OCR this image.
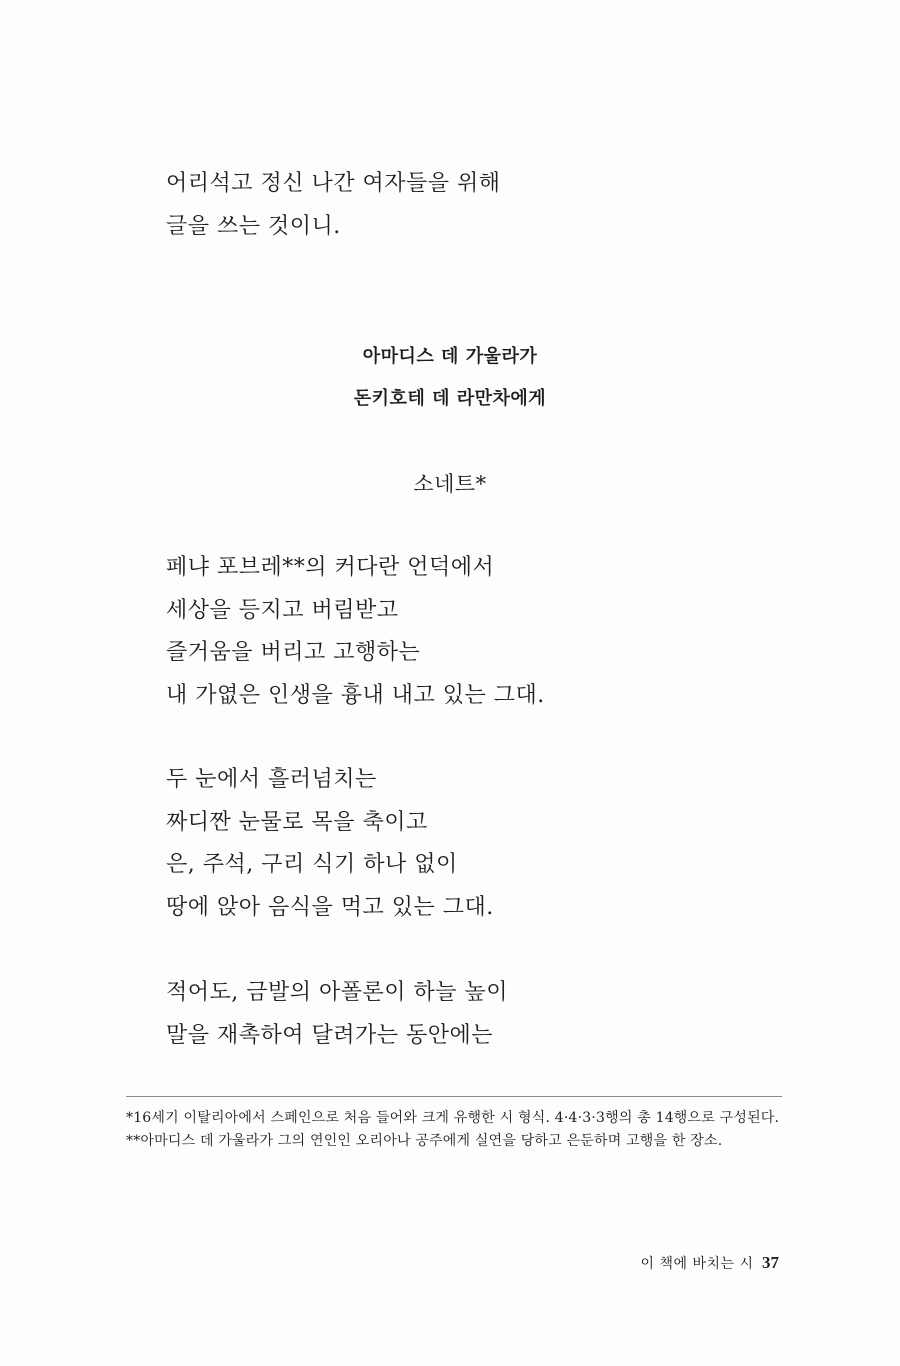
어리석고 정신 나간 여자들을 위해
글을 쓰는 것이니.
아마디스 데 가울라가
돈키호테 데 라만차에게
소네트*
페냐 포브레**의 커다란 언덕에서
세상을 등지고 버림받고
즐거움을 버리고 고행하는
내 가엾은 인생을 흉내 내고 있는 그대.
두 눈에서 흘러넘치는
짜디짠 눈물로 목을 축이고
은, 주석, 구리 식기 하나 없이
땅에 앉아 음식을 먹고 있는 그대.
적어도, 금발의 아폴론이 하늘 높이
말을 재촉하여 달려가는 동안에는

*16세기 이탈리아에서 스페인으로 처음 들어와 크게 유행한 시 형식. 4·4·3·3행의 총 14행으로 구성된다.

**아마디스 데 가울라가 그의 연인인 오리아나 공주에게 실연을 당하고 은둔하며 고행을 한 장소.

이 책에 바치는 시 37
